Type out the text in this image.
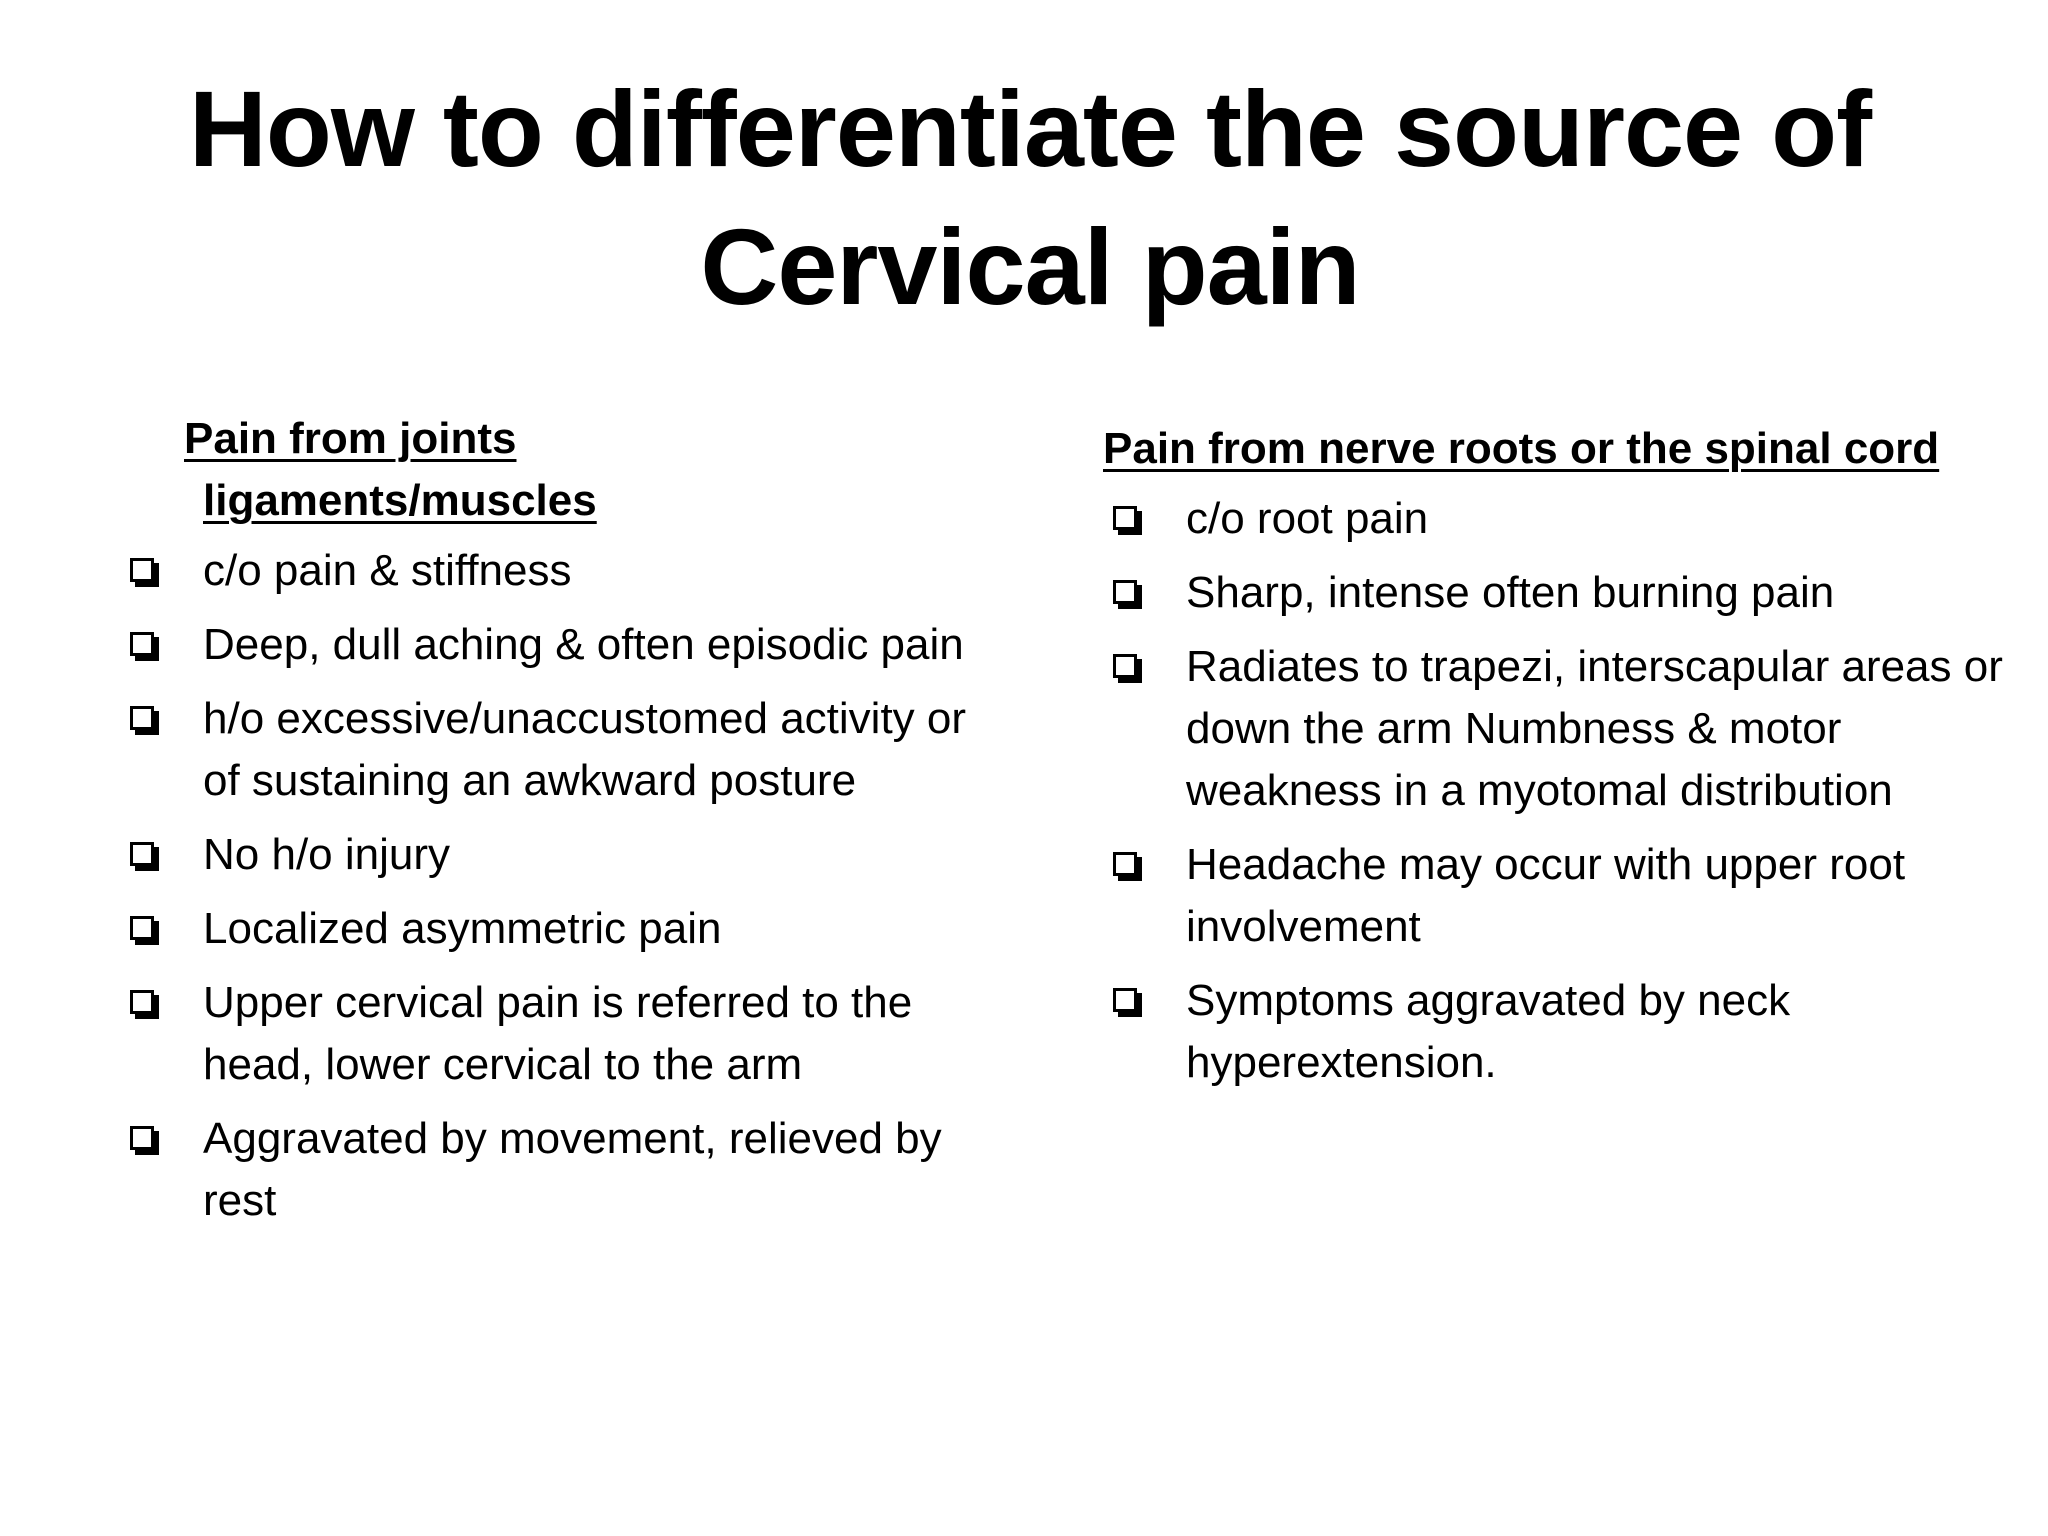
How to differentiate the source of
Cervical pain
Pain from joints ligaments/muscles
c/o pain & stiffness
Deep, dull aching & often episodic pain
h/o excessive/unaccustomed activity or of sustaining an awkward posture
No h/o injury
Localized asymmetric pain
Upper cervical pain is referred to the head, lower cervical to the arm
Aggravated by movement, relieved by rest
Pain from nerve roots or the spinal cord
c/o root pain
Sharp, intense often burning pain
Radiates to trapezi, interscapular areas or down the arm Numbness & motor weakness in a myotomal distribution
Headache may occur with upper root involvement
Symptoms aggravated by neck hyperextension.
